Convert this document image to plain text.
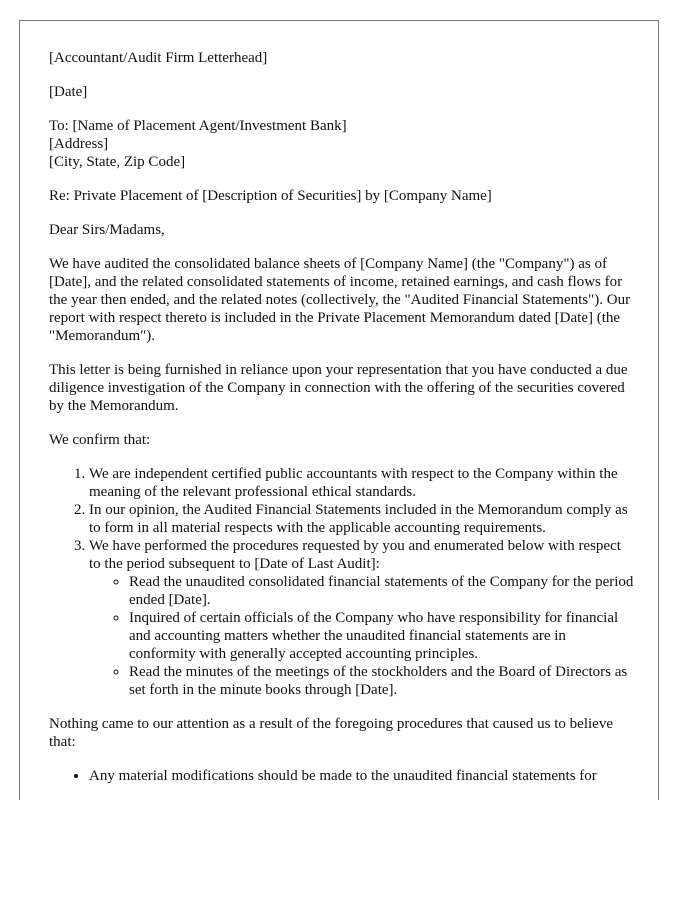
[Accountant/Audit Firm Letterhead]

[Date]

To: [Name of Placement Agent/Investment Bank]
[Address]
[City, State, Zip Code]

Re: Private Placement of [Description of Securities] by [Company Name]

Dear Sirs/Madams,

We have audited the consolidated balance sheets of [Company Name] (the "Company") as of [Date], and the related consolidated statements of income, retained earnings, and cash flows for the year then ended, and the related notes (collectively, the "Audited Financial Statements"). Our report with respect thereto is included in the Private Placement Memorandum dated [Date] (the "Memorandum").

This letter is being furnished in reliance upon your representation that you have conducted a due diligence investigation of the Company in connection with the offering of the securities covered by the Memorandum.

We confirm that:

1. We are independent certified public accountants with respect to the Company within the meaning of the relevant professional ethical standards.
2. In our opinion, the Audited Financial Statements included in the Memorandum comply as to form in all material respects with the applicable accounting requirements.
3. We have performed the procedures requested by you and enumerated below with respect to the period subsequent to [Date of Last Audit]:
◦ Read the unaudited consolidated financial statements of the Company for the period ended [Date].
◦ Inquired of certain officials of the Company who have responsibility for financial and accounting matters whether the unaudited financial statements are in conformity with generally accepted accounting principles.
◦ Read the minutes of the meetings of the stockholders and the Board of Directors as set forth in the minute books through [Date].

Nothing came to our attention as a result of the foregoing procedures that caused us to believe that:

• Any material modifications should be made to the unaudited financial statements for
